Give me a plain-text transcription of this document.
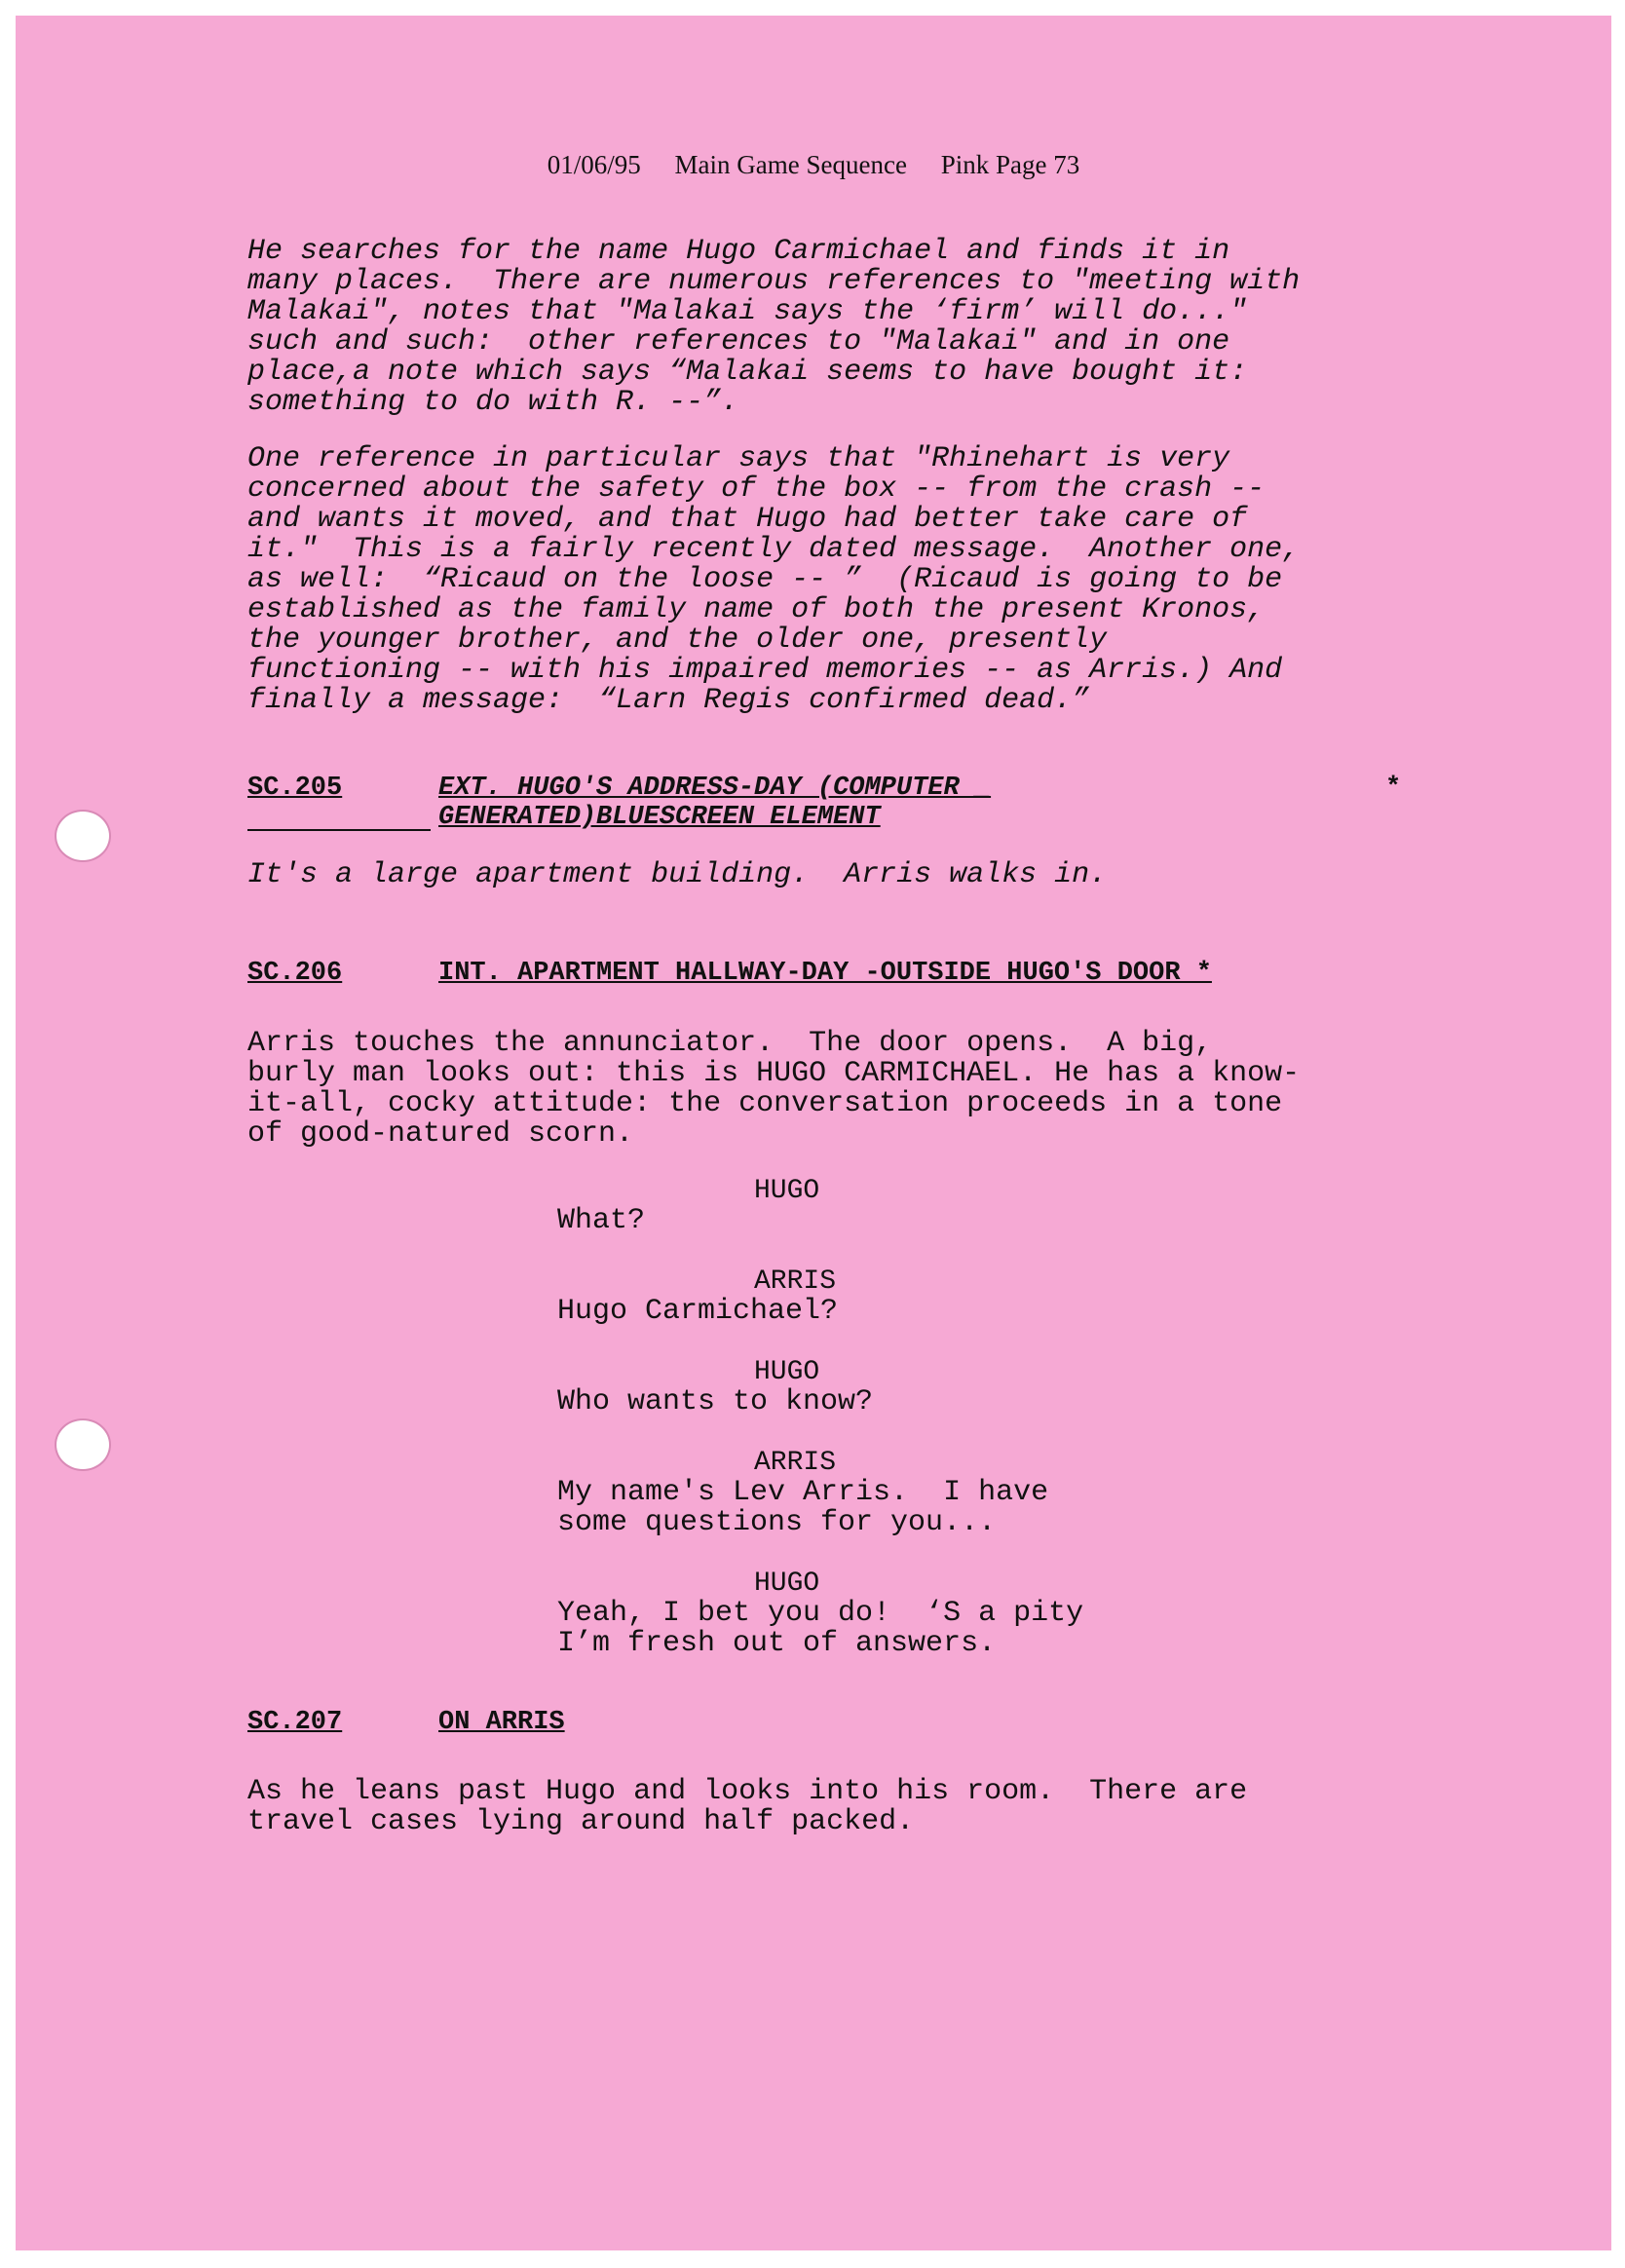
01/06/95 Main Game Sequence Pink Page 73
He searches for the name Hugo Carmichael and finds it in
many places.  There are numerous references to "meeting with
Malakai", notes that "Malakai says the ‘firm’ will do..."
such and such:  other references to "Malakai" and in one
place,a note which says “Malakai seems to have bought it:
something to do with R. --”.
One reference in particular says that "Rhinehart is very
concerned about the safety of the box -- from the crash --
and wants it moved, and that Hugo had better take care of
it."  This is a fairly recently dated message.  Another one,
as well:  “Ricaud on the loose -- ”  (Ricaud is going to be
established as the family name of both the present Kronos,
the younger brother, and the older one, presently
functioning -- with his impaired memories -- as Arris.) And
finally a message:  “Larn Regis confirmed dead.”
SC.205	EXT. HUGO'S ADDRESS-DAY (COMPUTER _	*
GENERATED)BLUESCREEN ELEMENT
It's a large apartment building.  Arris walks in.
SC.206	INT. APARTMENT HALLWAY-DAY -OUTSIDE HUGO'S DOOR *
Arris touches the annunciator.  The door opens.  A big,
burly man looks out: this is HUGO CARMICHAEL. He has a know-
it-all, cocky attitude: the conversation proceeds in a tone
of good-natured scorn.
HUGO
What?
ARRIS
Hugo Carmichael?
HUGO
Who wants to know?
ARRIS
My name's Lev Arris.  I have
some questions for you...
HUGO
Yeah, I bet you do!  ‘S a pity
I’m fresh out of answers.
SC.207	ON ARRIS
As he leans past Hugo and looks into his room.  There are
travel cases lying around half packed.
